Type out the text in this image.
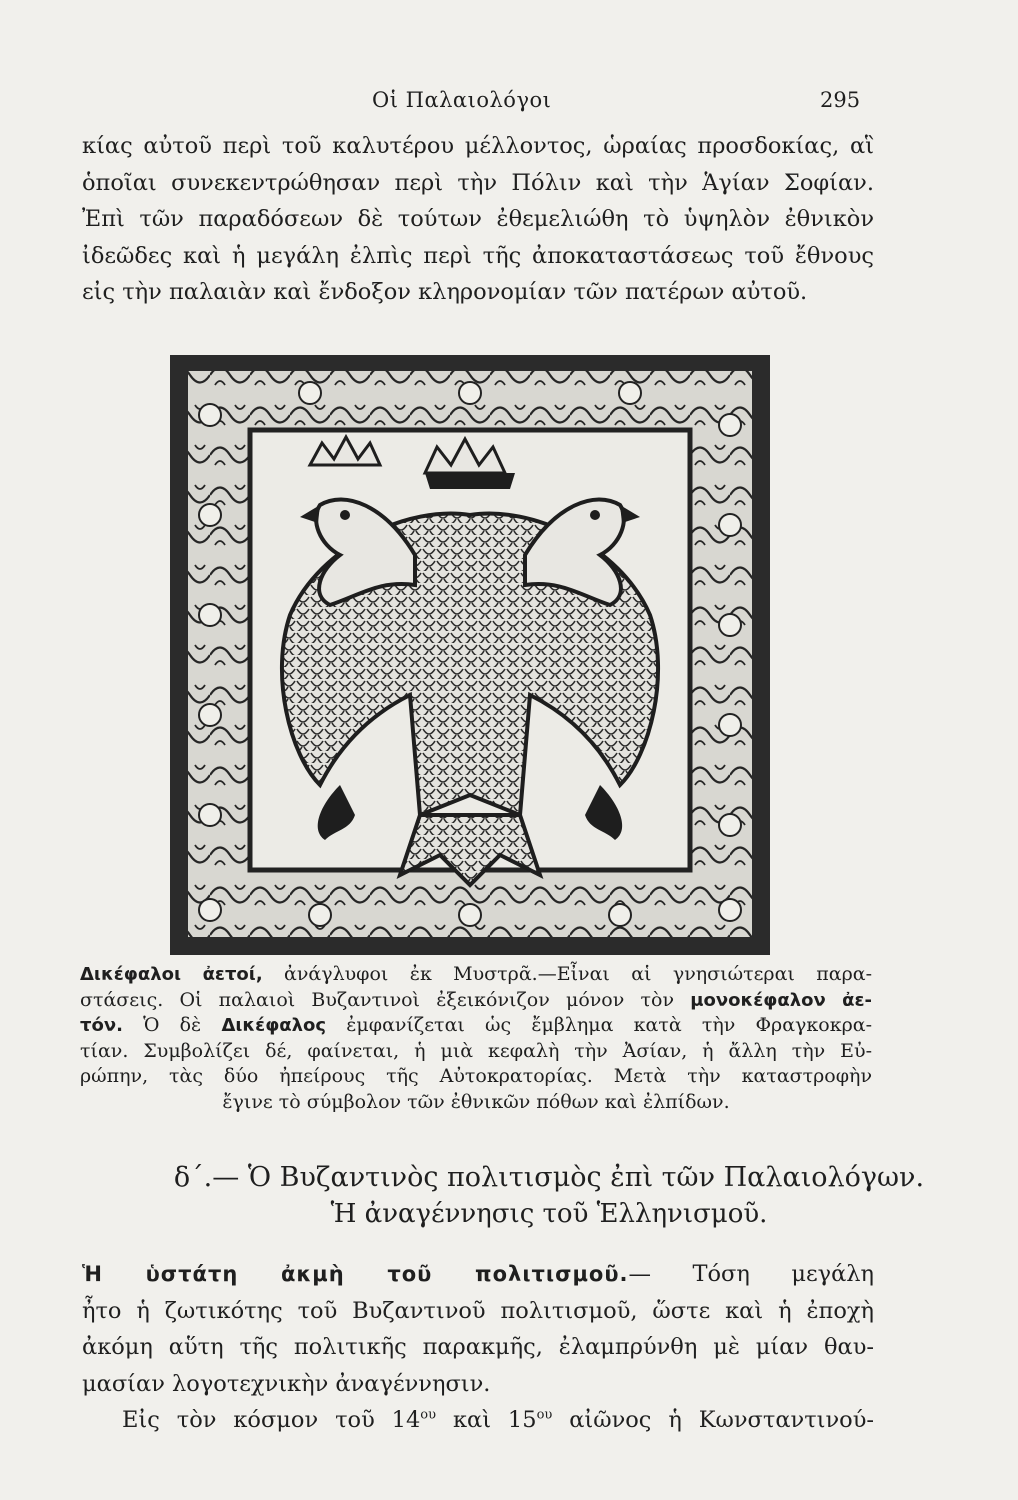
Οἱ Παλαιολόγοι	295

κίας αὐτοῦ περὶ τοῦ καλυτέρου μέλλοντος, ὡραίας προσδοκίας, αἳ
ὁποῖαι συνεκεντρώθησαν περὶ τὴν Πόλιν καὶ τὴν Ἁγίαν Σοφίαν.
Ἐπὶ τῶν παραδόσεων δὲ τούτων ἐθεμελιώθη τὸ ὑψηλὸν ἐθνικὸν
ἰδεῶδες καὶ ἡ μεγάλη ἐλπὶς περὶ τῆς ἀποκαταστάσεως τοῦ ἔθνους
εἰς τὴν παλαιὰν καὶ ἔνδοξον κληρονομίαν τῶν πατέρων αὐτοῦ.

Δικέφαλοι ἀετοί, ἀνάγλυφοι ἐκ Μυστρᾶ.—Εἶναι αἱ γνησιώτεραι παρα-
στάσεις. Οἱ παλαιοὶ Βυζαντινοὶ ἐξεικόνιζον μόνον τὸν μονοκέφαλον ἀε-
τόν. Ὁ δὲ Δικέφαλος ἐμφανίζεται ὡς ἔμβλημα κατὰ τὴν Φραγκοκρα-
τίαν. Συμβολίζει δέ, φαίνεται, ἡ μιὰ κεφαλὴ τὴν Ἀσίαν, ἡ ἄλλη τὴν Εὐ-
ρώπην, τὰς δύο ἠπείρους τῆς Αὐτοκρατορίας. Μετὰ τὴν καταστροφὴν
ἔγινε τὸ σύμβολον τῶν ἐθνικῶν πόθων καὶ ἐλπίδων.
δ΄.— Ὁ Βυζαντινὸς πολιτισμὸς ἐπὶ τῶν Παλαιολόγων.
Ἡ ἀναγέννησις τοῦ Ἑλληνισμοῦ.

Ἡ ὑστάτη ἀκμὴ τοῦ πολιτισμοῦ.— Τόση μεγάλη
ἦτο ἡ ζωτικότης τοῦ Βυζαντινοῦ πολιτισμοῦ, ὥστε καὶ ἡ ἐποχὴ
ἀκόμη αὕτη τῆς πολιτικῆς παρακμῆς, ἐλαμπρύνθη μὲ μίαν θαυ-
μασίαν λογοτεχνικὴν ἀναγέννησιν.
Εἰς τὸν κόσμον τοῦ $14^{o\upsilon}$ καὶ $15^{o\upsilon}$ αἰῶνος ἡ Κωνσταντινού-
